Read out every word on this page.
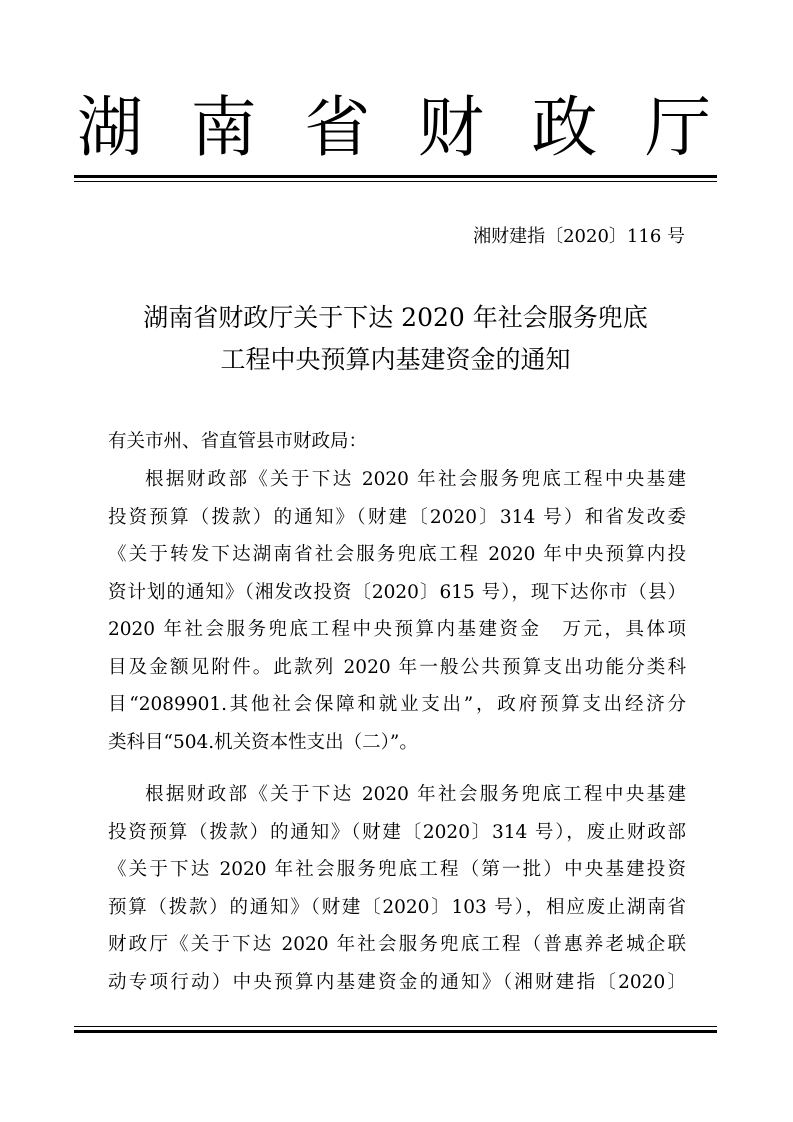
湖 南 省 财 政 厅
湘财建指〔2020〕116 号
湖南省财政厅关于下达 2020 年社会服务兜底
工程中央预算内基建资金的通知
有关市州、省直管县市财政局：
根据财政部《关于下达 2020 年社会服务兜底工程中央基建
投资预算（拨款）的通知》（财建〔2020〕314 号）和省发改委
《关于转发下达湖南省社会服务兜底工程 2020 年中央预算内投
资计划的通知》（湘发改投资〔2020〕615 号），现下达你市（县）
2020 年社会服务兜底工程中央预算内基建资金　万元，具体项
目及金额见附件。此款列 2020 年一般公共预算支出功能分类科
目“2089901.其他社会保障和就业支出”，政府预算支出经济分
类科目“504.机关资本性支出（二）”。
根据财政部《关于下达 2020 年社会服务兜底工程中央基建
投资预算（拨款）的通知》（财建〔2020〕314 号），废止财政部
《关于下达 2020 年社会服务兜底工程（第一批）中央基建投资
预算（拨款）的通知》（财建〔2020〕103 号），相应废止湖南省
财政厅《关于下达 2020 年社会服务兜底工程（普惠养老城企联
动专项行动）中央预算内基建资金的通知》（湘财建指〔2020〕
